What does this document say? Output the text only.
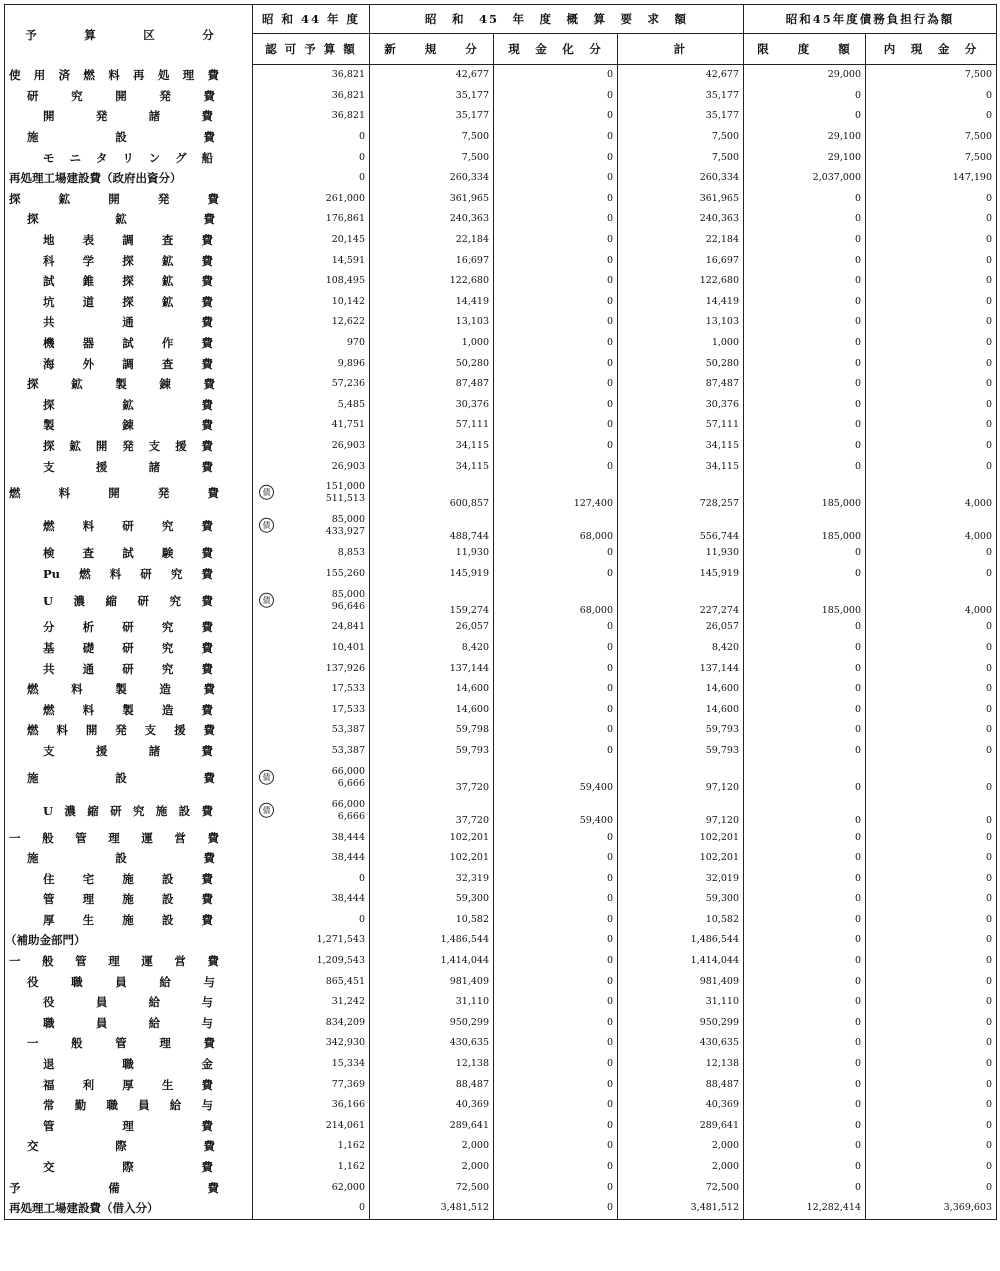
予　算　区　分	昭 和 44 年 度	昭　和　45　年　度　概　算　要　求　額			昭和45年度債務負担行為額	
	認 可 予 算 額	新　　規　　分	現　金　化　分	計	限　　度　　額	内　現　金　分
使用済燃料再処理費	36,821	42,677	0	42,677	29,000	7,500
研究開発費	36,821	35,177	0	35,177	0	0
開発諸費	36,821	35,177	0	35,177	0	0
施設費	0	7,500	0	7,500	29,100	7,500
モニタリング船	0	7,500	0	7,500	29,100	7,500
再処理工場建設費（政府出資分）	0	260,334	0	260,334	2,037,000	147,190
探鉱開発費	261,000	361,965	0	361,965	0	0
探鉱費	176,861	240,363	0	240,363	0	0
地表調査費	20,145	22,184	0	22,184	0	0
科学探鉱費	14,591	16,697	0	16,697	0	0
試錐探鉱費	108,495	122,680	0	122,680	0	0
坑道探鉱費	10,142	14,419	0	14,419	0	0
共通費	12,622	13,103	0	13,103	0	0
機器試作費	970	1,000	0	1,000	0	0
海外調査費	9,896	50,280	0	50,280	0	0
探鉱製錬費	57,236	87,487	0	87,487	0	0
探鉱費	5,485	30,376	0	30,376	0	0
製錬費	41,751	57,111	0	57,111	0	0
探鉱開発支援費	26,903	34,115	0	34,115	0	0
支援諸費	26,903	34,115	0	34,115	0	0
燃料開発費	債
151,000
511,513	600,857	127,400	728,257	185,000	4,000
燃料研究費	債
85,000
433,927	488,744	68,000	556,744	185,000	4,000
検査試験費	8,853	11,930	0	11,930	0	0
Pu燃料研究費	155,260	145,919	0	145,919	0	0
U濃縮研究費	債
85,000
96,646	159,274	68,000	227,274	185,000	4,000
分析研究費	24,841	26,057	0	26,057	0	0
基礎研究費	10,401	8,420	0	8,420	0	0
共通研究費	137,926	137,144	0	137,144	0	0
燃料製造費	17,533	14,600	0	14,600	0	0
燃料製造費	17,533	14,600	0	14,600	0	0
燃料開発支援費	53,387	59,798	0	59,793	0	0
支援諸費	53,387	59,793	0	59,793	0	0
施設費	債
66,000
6,666	37,720	59,400	97,120	0	0
U濃縮研究施設費	債
66,000
6,666	37,720	59,400	97,120	0	0
一般管理運営費	38,444	102,201	0	102,201	0	0
施設費	38,444	102,201	0	102,201	0	0
住宅施設費	0	32,319	0	32,019	0	0
管理施設費	38,444	59,300	0	59,300	0	0
厚生施設費	0	10,582	0	10,582	0	0
（補助金部門）	1,271,543	1,486,544	0	1,486,544	0	0
一般管理運営費	1,209,543	1,414,044	0	1,414,044	0	0
役職員給与	865,451	981,409	0	981,409	0	0
役員給与	31,242	31,110	0	31,110	0	0
職員給与	834,209	950,299	0	950,299	0	0
一般管理費	342,930	430,635	0	430,635	0	0
退職金	15,334	12,138	0	12,138	0	0
福利厚生費	77,369	88,487	0	88,487	0	0
常勤職員給与	36,166	40,369	0	40,369	0	0
管理費	214,061	289,641	0	289,641	0	0
交際費	1,162	2,000	0	2,000	0	0
交際費	1,162	2,000	0	2,000	0	0
予備費	62,000	72,500	0	72,500	0	0
再処理工場建設費（借入分）	0	3,481,512	0	3,481,512	12,282,414	3,369,603
